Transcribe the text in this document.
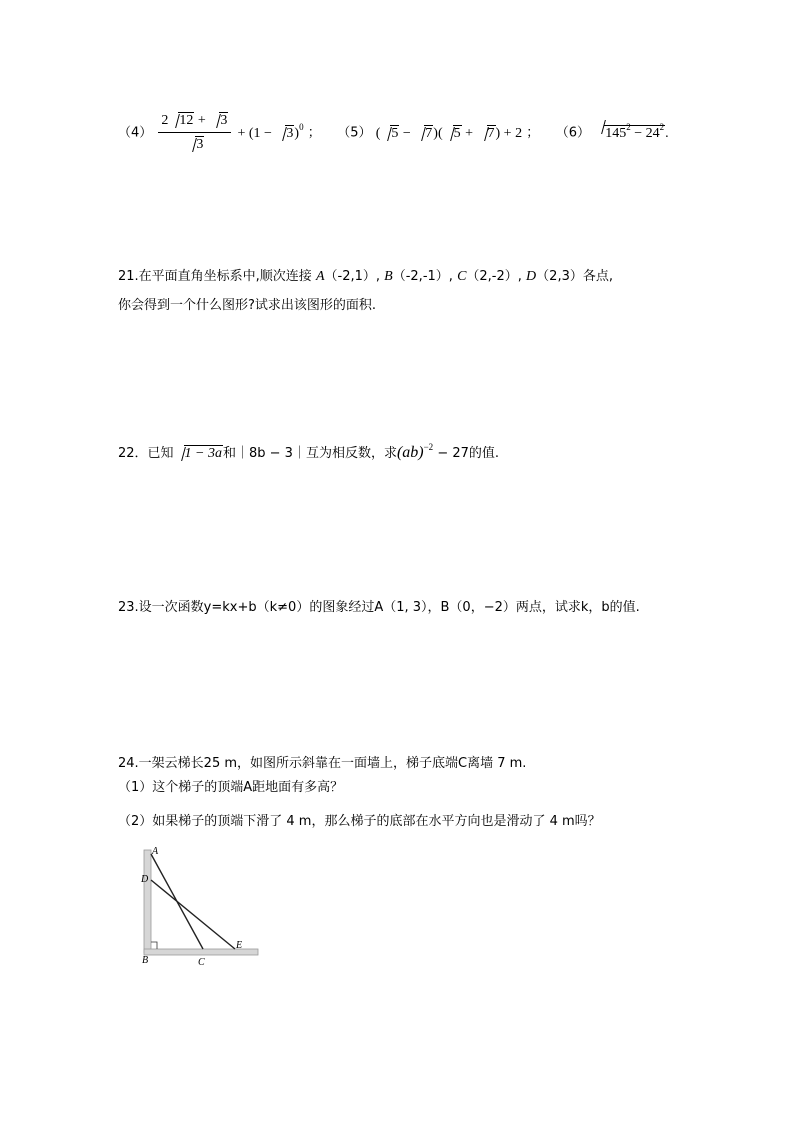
$(4) \frac{2 12 + 3}{3} + (1 - 3)^0$ ； （5） ( 5 − 7)( 5 + 7) + 2 ； （6） $145^2 - 24^2$.
21.在平面直角坐标系中,顺次连接 A（-2,1）, B（-2,-1）, C（2,-2）, D（2,3）各点,
你会得到一个什么图形?试求出该图形的面积.
22．已知 1 − 3a和｜8b − 3｜互为相反数，求(ab)$^{-2}$ − 27的值.
23.设一次函数y=kx+b（k≠0）的图象经过A（1, 3），B（0，−2）两点，试求k，b的值.
24.一架云梯长25 m，如图所示斜靠在一面墙上，梯子底端C离墙 7 m.
（1）这个梯子的顶端A距地面有多高？
（2）如果梯子的顶端下滑了 4 m，那么梯子的底部在水平方向也是滑动了 4 m吗？
A
D
B	C
E
